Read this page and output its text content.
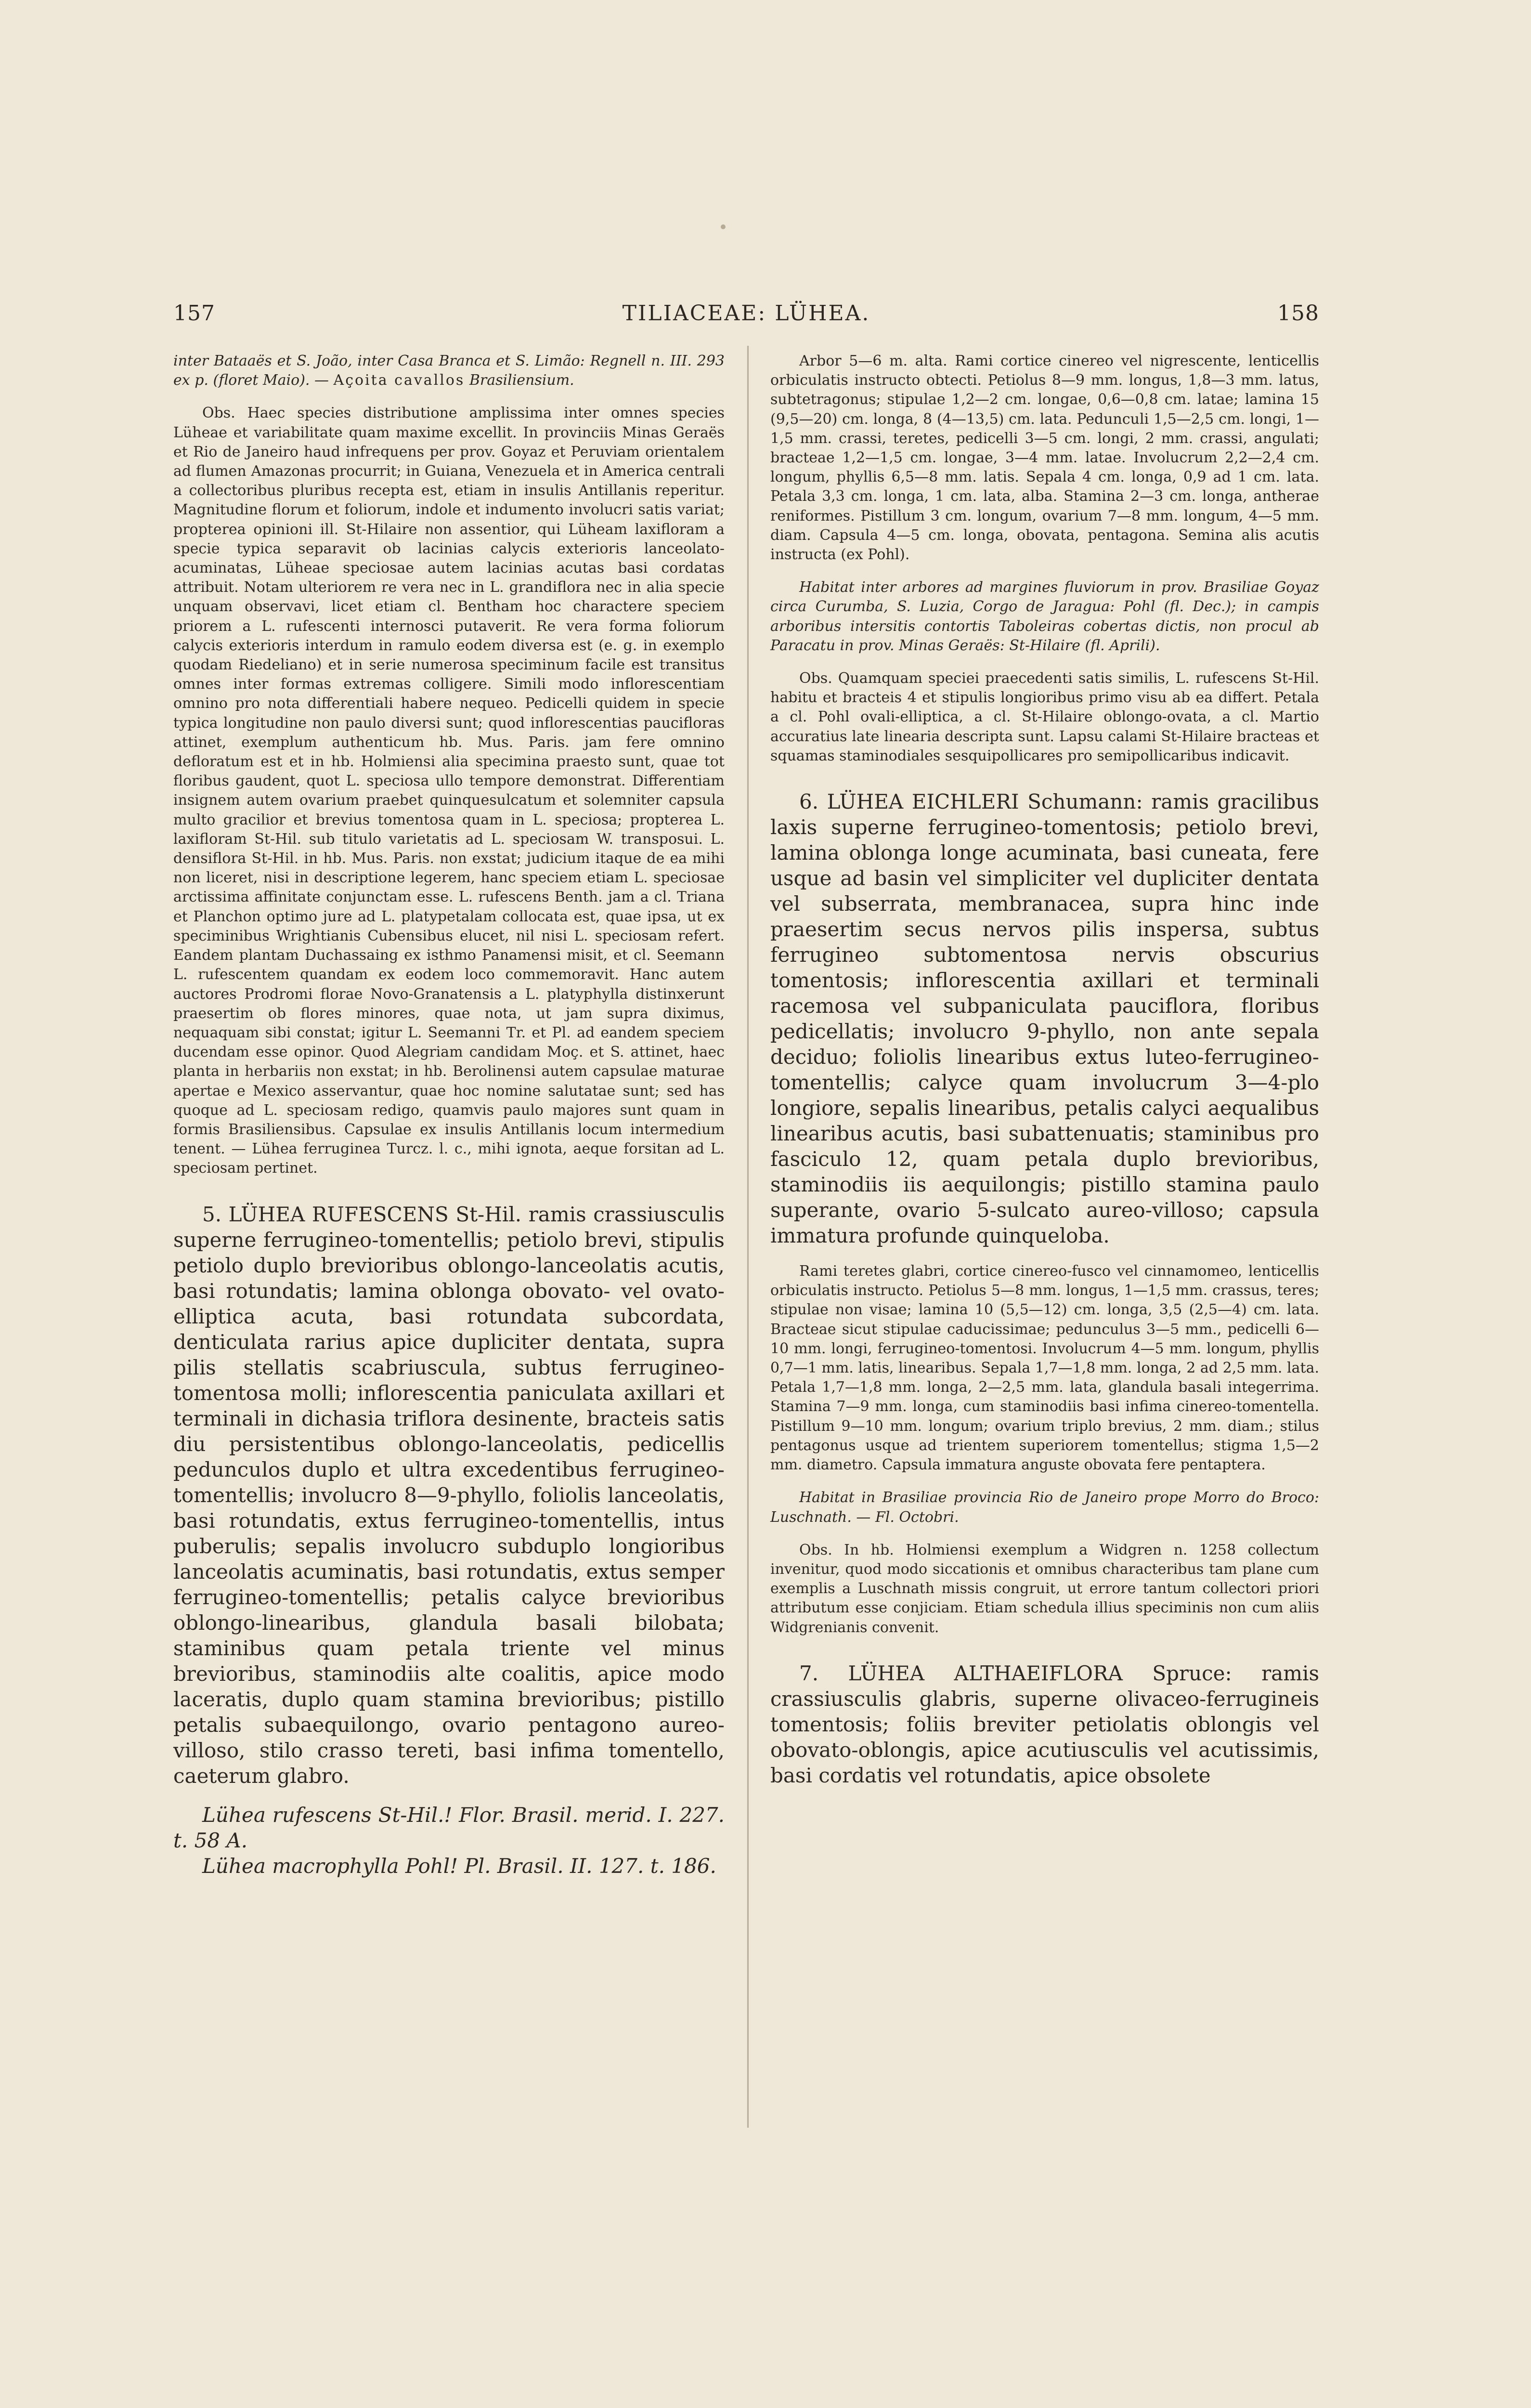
157	TILIACEAE: LÜHEA.	158

inter Bataaës et S. João, inter Casa Branca et S. Limão: Regnell n. III. 293 ex p. (floret Maio). — Açoita cavallos Brasiliensium.

Obs. Haec species distributione amplissima inter omnes species Lüheae et variabilitate quam maxime excellit. In provinciis Minas Geraës et Rio de Janeiro haud infrequens per prov. Goyaz et Peruviam orientalem ad flumen Amazonas procurrit; in Guiana, Venezuela et in America centrali a collectoribus pluribus recepta est, etiam in insulis Antillanis reperitur. Magnitudine florum et foliorum, indole et indumento involucri satis variat; propterea opinioni ill. St-Hilaire non assentior, qui Lüheam laxifloram a specie typica separavit ob lacinias calycis exterioris lanceolato-acuminatas, Lüheae speciosae autem lacinias acutas basi cordatas attribuit. Notam ulteriorem re vera nec in L. grandiflora nec in alia specie unquam observavi, licet etiam cl. Bentham hoc charactere speciem priorem a L. rufescenti internosci putaverit. Re vera forma foliorum calycis exterioris interdum in ramulo eodem diversa est (e. g. in exemplo quodam Riedeliano) et in serie numerosa speciminum facile est transitus omnes inter formas extremas colligere. Simili modo inflorescentiam omnino pro nota differentiali habere nequeo. Pedicelli quidem in specie typica longitudine non paulo diversi sunt; quod inflorescentias paucifloras attinet, exemplum authenticum hb. Mus. Paris. jam fere omnino defloratum est et in hb. Holmiensi alia specimina praesto sunt, quae tot floribus gaudent, quot L. speciosa ullo tempore demonstrat. Differentiam insignem autem ovarium praebet quinquesulcatum et solemniter capsula multo gracilior et brevius tomentosa quam in L. speciosa; propterea L. laxifloram St-Hil. sub titulo varietatis ad L. speciosam W. transposui. L. densiflora St-Hil. in hb. Mus. Paris. non exstat; judicium itaque de ea mihi non liceret, nisi in descriptione legerem, hanc speciem etiam L. speciosae arctissima affinitate conjunctam esse. L. rufescens Benth. jam a cl. Triana et Planchon optimo jure ad L. platypetalam collocata est, quae ipsa, ut ex speciminibus Wrightianis Cubensibus elucet, nil nisi L. speciosam refert. Eandem plantam Duchassaing ex isthmo Panamensi misit, et cl. Seemann L. rufescentem quandam ex eodem loco commemoravit. Hanc autem auctores Prodromi florae Novo-Granatensis a L. platyphylla distinxerunt praesertim ob flores minores, quae nota, ut jam supra diximus, nequaquam sibi constat; igitur L. Seemanni Tr. et Pl. ad eandem speciem ducendam esse opinor. Quod Alegriam candidam Moç. et S. attinet, haec planta in herbariis non exstat; in hb. Berolinensi autem capsulae maturae apertae e Mexico asservantur, quae hoc nomine salutatae sunt; sed has quoque ad L. speciosam redigo, quamvis paulo majores sunt quam in formis Brasiliensibus. Capsulae ex insulis Antillanis locum intermedium tenent. — Lühea ferruginea Turcz. l. c., mihi ignota, aeque forsitan ad L. speciosam pertinet.

5. LÜHEA RUFESCENS St-Hil. ramis crassiusculis superne ferrugineo-tomentellis; petiolo brevi, stipulis petiolo duplo brevioribus oblongo-lanceolatis acutis, basi rotundatis; lamina oblonga obovato- vel ovato-elliptica acuta, basi rotundata subcordata, denticulata rarius apice dupliciter dentata, supra pilis stellatis scabriuscula, subtus ferrugineo-tomentosa molli; inflorescentia paniculata axillari et terminali in dichasia triflora desinente, bracteis satis diu persistentibus oblongo-lanceolatis, pedicellis pedunculos duplo et ultra excedentibus ferrugineo-tomentellis; involucro 8—9-phyllo, foliolis lanceolatis, basi rotundatis, extus ferrugineo-tomentellis, intus puberulis; sepalis involucro subduplo longioribus lanceolatis acuminatis, basi rotundatis, extus semper ferrugineo-tomentellis; petalis calyce brevioribus oblongo-linearibus, glandula basali bilobata; staminibus quam petala triente vel minus brevioribus, staminodiis alte coalitis, apice modo laceratis, duplo quam stamina brevioribus; pistillo petalis subaequilongo, ovario pentagono aureo-villoso, stilo crasso tereti, basi infima tomentello, caeterum glabro.

Lühea rufescens St-Hil.! Flor. Brasil. merid. I. 227. t. 58 A.

Lühea macrophylla Pohl! Pl. Brasil. II. 127. t. 186.

Arbor 5—6 m. alta. Rami cortice cinereo vel nigrescente, lenticellis orbiculatis instructo obtecti. Petiolus 8—9 mm. longus, 1,8—3 mm. latus, subtetragonus; stipulae 1,2—2 cm. longae, 0,6—0,8 cm. latae; lamina 15 (9,5—20) cm. longa, 8 (4—13,5) cm. lata. Pedunculi 1,5—2,5 cm. longi, 1—1,5 mm. crassi, teretes, pedicelli 3—5 cm. longi, 2 mm. crassi, angulati; bracteae 1,2—1,5 cm. longae, 3—4 mm. latae. Involucrum 2,2—2,4 cm. longum, phyllis 6,5—8 mm. latis. Sepala 4 cm. longa, 0,9 ad 1 cm. lata. Petala 3,3 cm. longa, 1 cm. lata, alba. Stamina 2—3 cm. longa, antherae reniformes. Pistillum 3 cm. longum, ovarium 7—8 mm. longum, 4—5 mm. diam. Capsula 4—5 cm. longa, obovata, pentagona. Semina alis acutis instructa (ex Pohl).

Habitat inter arbores ad margines fluviorum in prov. Brasiliae Goyaz circa Curumba, S. Luzia, Corgo de Jaragua: Pohl (fl. Dec.); in campis arboribus intersitis contortis Taboleiras cobertas dictis, non procul ab Paracatu in prov. Minas Geraës: St-Hilaire (fl. Aprili).

Obs. Quamquam speciei praecedenti satis similis, L. rufescens St-Hil. habitu et bracteis 4 et stipulis longioribus primo visu ab ea differt. Petala a cl. Pohl ovali-elliptica, a cl. St-Hilaire oblongo-ovata, a cl. Martio accuratius late linearia descripta sunt. Lapsu calami St-Hilaire bracteas et squamas staminodiales sesquipollicares pro semipollicaribus indicavit.

6. LÜHEA EICHLERI Schumann: ramis gracilibus laxis superne ferrugineo-tomentosis; petiolo brevi, lamina oblonga longe acuminata, basi cuneata, fere usque ad basin vel simpliciter vel dupliciter dentata vel subserrata, membranacea, supra hinc inde praesertim secus nervos pilis inspersa, subtus ferrugineo subtomentosa nervis obscurius tomentosis; inflorescentia axillari et terminali racemosa vel subpaniculata pauciflora, floribus pedicellatis; involucro 9-phyllo, non ante sepala deciduo; foliolis linearibus extus luteo-ferrugineo-tomentellis; calyce quam involucrum 3—4-plo longiore, sepalis linearibus, petalis calyci aequalibus linearibus acutis, basi subattenuatis; staminibus pro fasciculo 12, quam petala duplo brevioribus, staminodiis iis aequilongis; pistillo stamina paulo superante, ovario 5-sulcato aureo-villoso; capsula immatura profunde quinqueloba.

Rami teretes glabri, cortice cinereo-fusco vel cinnamomeo, lenticellis orbiculatis instructo. Petiolus 5—8 mm. longus, 1—1,5 mm. crassus, teres; stipulae non visae; lamina 10 (5,5—12) cm. longa, 3,5 (2,5—4) cm. lata. Bracteae sicut stipulae caducissimae; pedunculus 3—5 mm., pedicelli 6—10 mm. longi, ferrugineo-tomentosi. Involucrum 4—5 mm. longum, phyllis 0,7—1 mm. latis, linearibus. Sepala 1,7—1,8 mm. longa, 2 ad 2,5 mm. lata. Petala 1,7—1,8 mm. longa, 2—2,5 mm. lata, glandula basali integerrima. Stamina 7—9 mm. longa, cum staminodiis basi infima cinereo-tomentella. Pistillum 9—10 mm. longum; ovarium triplo brevius, 2 mm. diam.; stilus pentagonus usque ad trientem superiorem tomentellus; stigma 1,5—2 mm. diametro. Capsula immatura anguste obovata fere pentaptera.

Habitat in Brasiliae provincia Rio de Janeiro prope Morro do Broco: Luschnath. — Fl. Octobri.

Obs. In hb. Holmiensi exemplum a Widgren n. 1258 collectum invenitur, quod modo siccationis et omnibus characteribus tam plane cum exemplis a Luschnath missis congruit, ut errore tantum collectori priori attributum esse conjiciam. Etiam schedula illius speciminis non cum aliis Widgrenianis convenit.

7. LÜHEA ALTHAEIFLORA Spruce: ramis crassiusculis glabris, superne olivaceo-ferrugineis tomentosis; foliis breviter petiolatis oblongis vel obovato-oblongis, apice acutiusculis vel acutissimis, basi cordatis vel rotundatis, apice obsolete
